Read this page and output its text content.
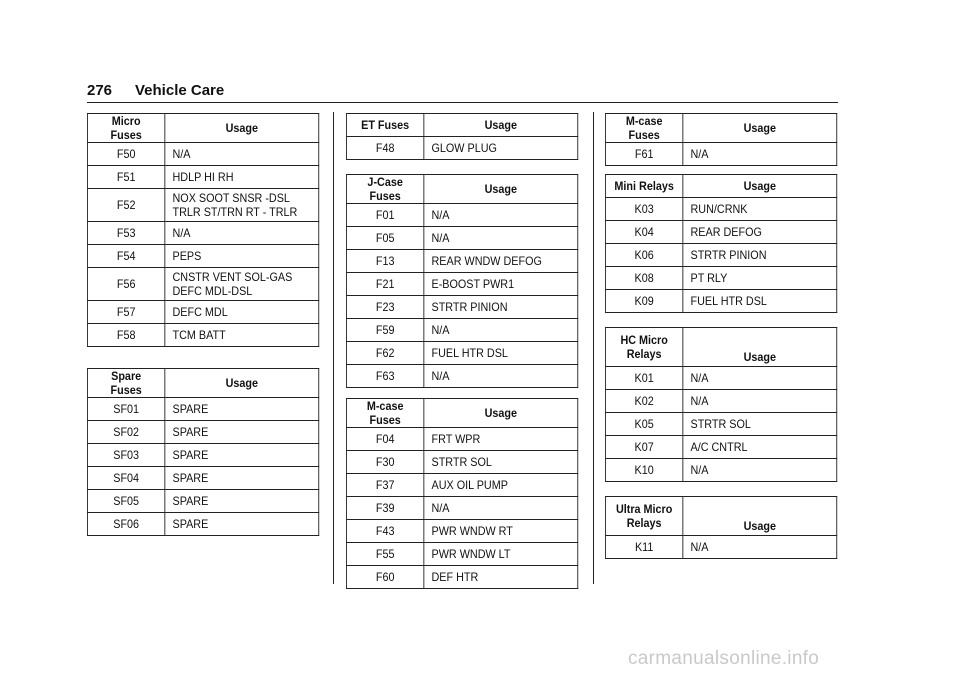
276 Vehicle Care
Micro Fuses	Usage
F50	N/A
F51	HDLP HI RH
F52	NOX SOOT SNSR -DSL
TRLR ST/TRN RT - TRLR

F53	N/A
F54	PEPS
F56	CNSTR VENT SOL-GAS
DEFC MDL-DSL

F57	DEFC MDL
F58	TCM BATT
Spare Fuses	Usage
SF01	SPARE
SF02	SPARE
SF03	SPARE
SF04	SPARE
SF05	SPARE
SF06	SPARE
ET Fuses	Usage
F48	GLOW PLUG
J-Case Fuses	Usage
F01	N/A
F05	N/A
F13	REAR WNDW DEFOG
F21	E-BOOST PWR1
F23	STRTR PINION
F59	N/A
F62	FUEL HTR DSL
F63	N/A
M-case Fuses	Usage
F04	FRT WPR
F30	STRTR SOL
F37	AUX OIL PUMP
F39	N/A
F43	PWR WNDW RT
F55	PWR WNDW LT
F60	DEF HTR
M-case Fuses	Usage
F61	N/A
Mini Relays	Usage
K03	RUN/CRNK
K04	REAR DEFOG
K06	STRTR PINION
K08	PT RLY
K09	FUEL HTR DSL
HC Micro
Relays	Usage
K01	N/A
K02	N/A
K05	STRTR SOL
K07	A/C CNTRL
K10	N/A
Ultra Micro
Relays	Usage
K11	N/A
carmanualsonline.info
